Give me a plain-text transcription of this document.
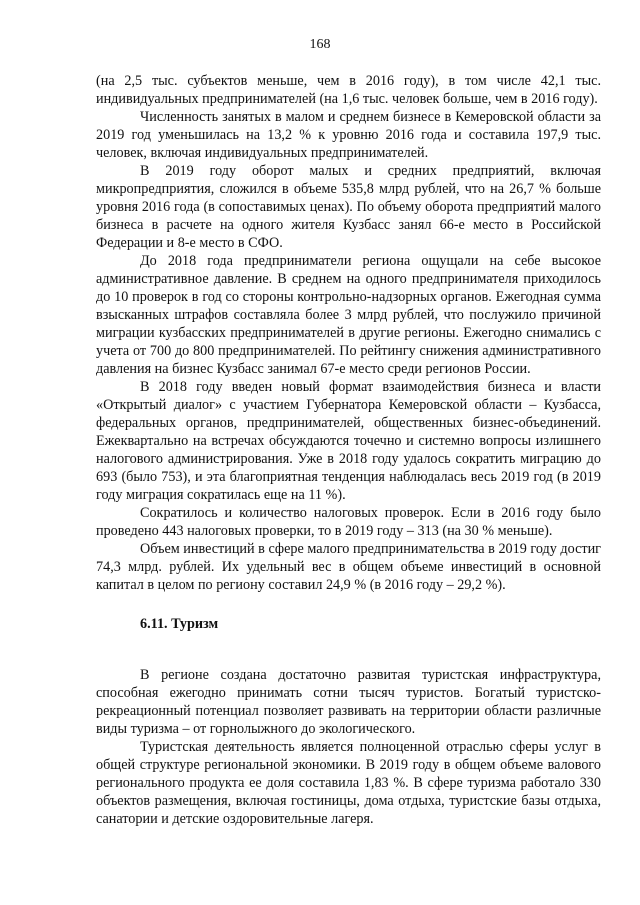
168

(на 2,5 тыс. субъектов меньше, чем в 2016 году), в том числе 42,1 тыс. индивидуальных предпринимателей (на 1,6 тыс. человек больше, чем в 2016 году).

Численность занятых в малом и среднем бизнесе в Кемеровской области за 2019 год уменьшилась на 13,2 % к уровню 2016 года и составила 197,9 тыс. человек, включая индивидуальных предпринимателей.

В 2019 году оборот малых и средних предприятий, включая микропредприятия, сложился в объеме 535,8 млрд рублей, что на 26,7 % больше уровня 2016 года (в сопоставимых ценах). По объему оборота предприятий малого бизнеса в расчете на одного жителя Кузбасс занял 66-е место в Российской Федерации и 8-е место в СФО.

До 2018 года предприниматели региона ощущали на себе высокое административное давление. В среднем на одного предпринимателя приходилось до 10 проверок в год со стороны контрольно-надзорных органов. Ежегодная сумма взысканных штрафов составляла более 3 млрд рублей, что послужило причиной миграции кузбасских предпринимателей в другие регионы. Ежегодно снимались с учета от 700 до 800 предпринимателей. По рейтингу снижения административного давления на бизнес Кузбасс занимал 67-е место среди регионов России.

В 2018 году введен новый формат взаимодействия бизнеса и власти «Открытый диалог» с участием Губернатора Кемеровской области – Кузбасса, федеральных органов, предпринимателей, общественных бизнес-объединений. Ежеквартально на встречах обсуждаются точечно и системно вопросы излишнего налогового администрирования. Уже в 2018 году удалось сократить миграцию до 693 (было 753), и эта благоприятная тенденция наблюдалась весь 2019 год (в 2019 году миграция сократилась еще на 11 %).

Сократилось и количество налоговых проверок. Если в 2016 году было проведено 443 налоговых проверки, то в 2019 году – 313 (на 30 % меньше).

Объем инвестиций в сфере малого предпринимательства в 2019 году достиг 74,3 млрд. рублей. Их удельный вес в общем объеме инвестиций в основной капитал в целом по региону составил 24,9 % (в 2016 году – 29,2 %).

6.11. Туризм

В регионе создана достаточно развитая туристская инфраструктура, способная ежегодно принимать сотни тысяч туристов. Богатый туристско-рекреационный потенциал позволяет развивать на территории области различные виды туризма – от горнолыжного до экологического.

Туристская деятельность является полноценной отраслью сферы услуг в общей структуре региональной экономики. В 2019 году в общем объеме валового регионального продукта ее доля составила 1,83 %. В сфере туризма работало 330 объектов размещения, включая гостиницы, дома отдыха, туристские базы отдыха, санатории и детские оздоровительные лагеря.
